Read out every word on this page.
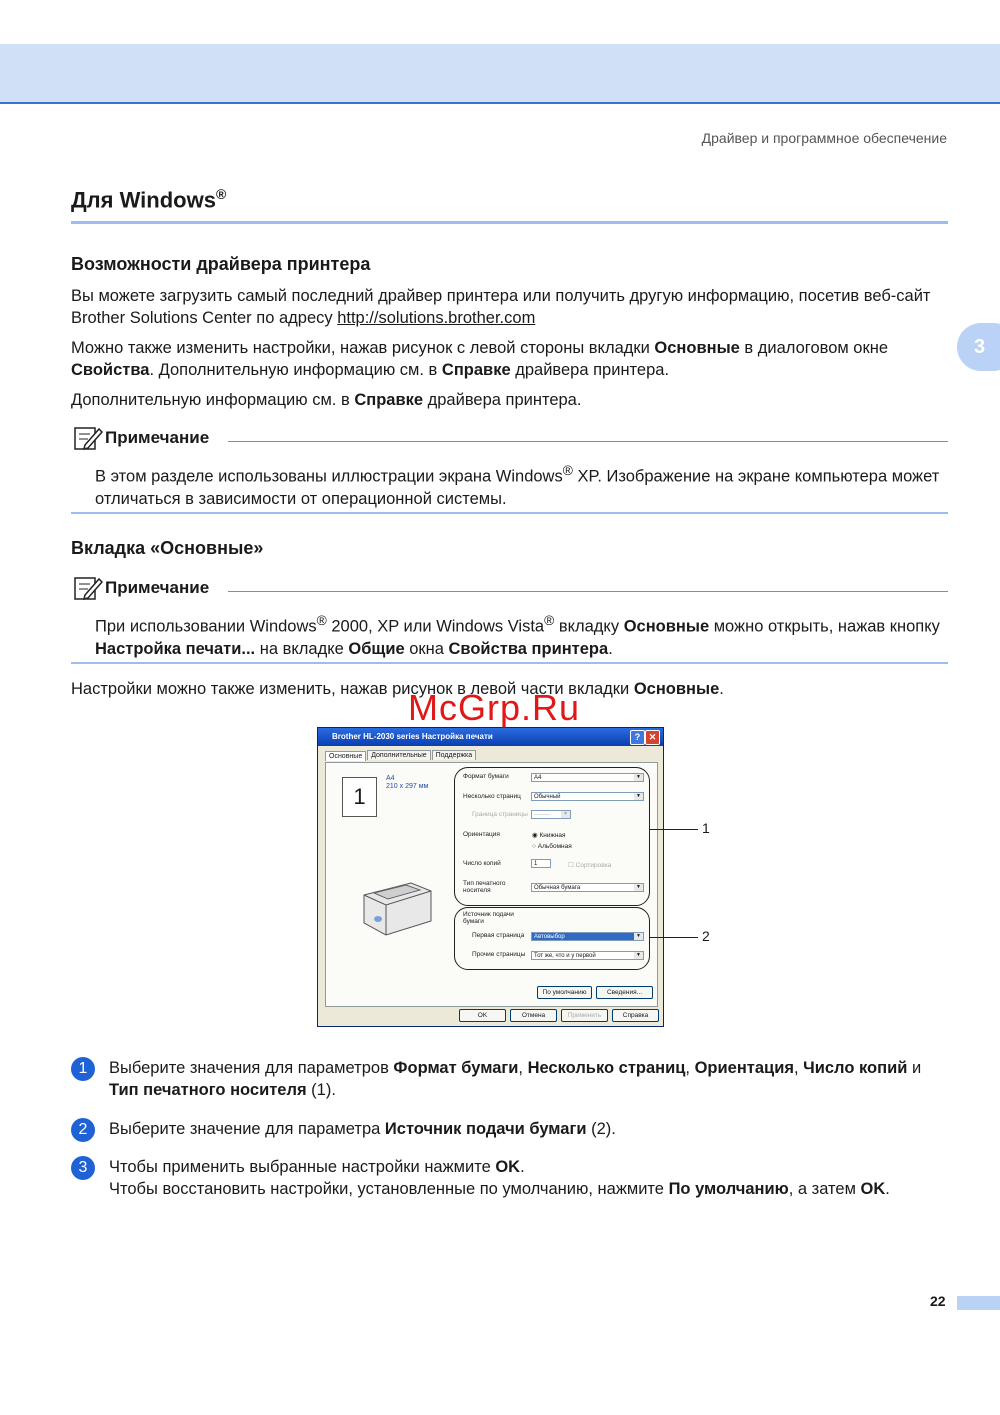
Драйвер и программное обеспечение
3
Для Windows®
Возможности драйвера принтера

Вы можете загрузить самый последний драйвер принтера или получить другую информацию, посетив веб-сайт Brother Solutions Center по адресу http://solutions.brother.com

Можно также изменить настройки, нажав рисунок с левой стороны вкладки Основные в диалоговом окне Свойства. Дополнительную информацию см. в Справке драйвера принтера.

Дополнительную информацию см. в Справке драйвера принтера.

Примечание

В этом разделе использованы иллюстрации экрана Windows® XP. Изображение на экране компьютера может отличаться в зависимости от операционной системы.

Вкладка «Основные»
Примечание

При использовании Windows® 2000, XP или Windows Vista® вкладку Основные можно открыть, нажав кнопку Настройка печати... на вкладке Общие окна Свойства принтера.

Настройки можно также изменить, нажав рисунок в левой части вкладки Основные.

Brother HL-2030 series Настройка печати	? ✕
Основные Дополнительные Поддержка
1
A4
210 x 297 мм
Формат бумаги	A4	▼
Несколько страниц	Обычный	▼
Граница страницы	--------	▼
Ориентация	◉ Книжная
○ Альбомная
Число копий	1	☐ Сортировка
Тип печатного носителя	Обычная бумага	▼
Источник подачи бумаги
Первая страница	Автовыбор	▼
Прочие страницы	Тот же, что и у первой	▼
По умолчанию	Сведения...
OK	Отмена	Применить	Справка
1
2
McGrp.Ru
1	Выберите значения для параметров Формат бумаги, Несколько страниц, Ориентация, Число копий и Тип печатного носителя (1).

2	Выберите значение для параметра Источник подачи бумаги (2).

3	Чтобы применить выбранные настройки нажмите OK.
Чтобы восстановить настройки, установленные по умолчанию, нажмите По умолчанию, а затем OK.

22
